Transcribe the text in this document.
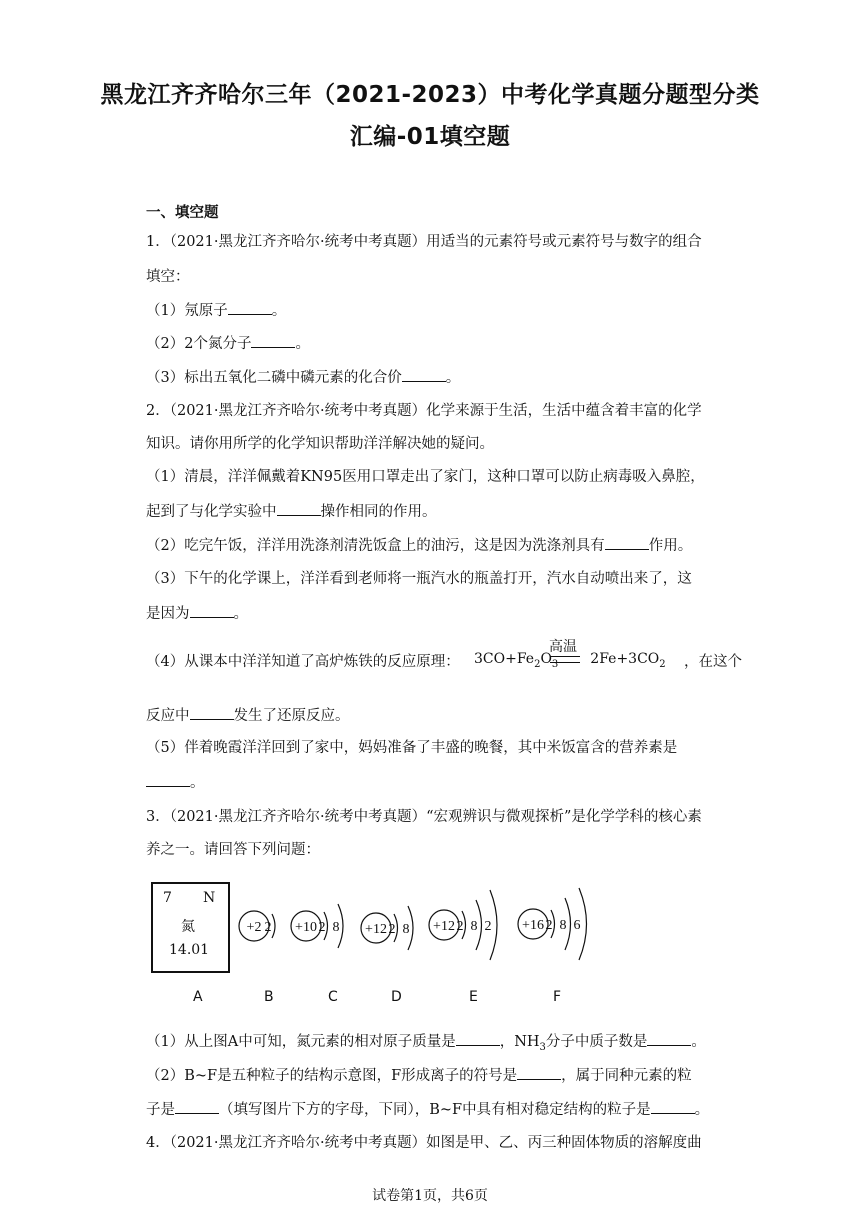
黑龙江齐齐哈尔三年（2021-2023）中考化学真题分题型分类
汇编-01填空题
一、填空题
1．（2021·黑龙江齐齐哈尔·统考中考真题）用适当的元素符号或元素符号与数字的组合
填空：
（1）氖原子	。
（2）2个氮分子	。
（3）标出五氧化二磷中磷元素的化合价	。
2．（2021·黑龙江齐齐哈尔·统考中考真题）化学来源于生活，生活中蕴含着丰富的化学
知识。请你用所学的化学知识帮助洋洋解决她的疑问。
（1）清晨，洋洋佩戴着KN95医用口罩走出了家门，这种口罩可以防止病毒吸入鼻腔，
起到了与化学实验中	操作相同的作用。
（2）吃完午饭，洋洋用洗涤剂清洗饭盒上的油污，这是因为洗涤剂具有	作用。
（3）下午的化学课上，洋洋看到老师将一瓶汽水的瓶盖打开，汽水自动喷出来了，这
是因为	。
（4）从课本中洋洋知道了高炉炼铁的反应原理：
高温
$3CO+Fe_2O_3$ $2Fe+3CO_2$ ，在这个
反应中	发生了还原反应。
（5）伴着晚霞洋洋回到了家中，妈妈准备了丰盛的晚餐，其中米饭富含的营养素是
。
3．（2021·黑龙江齐齐哈尔·统考中考真题）“宏观辨识与微观探析”是化学学科的核心素
养之一。请回答下列问题：
7 N
氮
14.01
+2 2 +10 2 8 +12 2 8 +12 2 8 2 +16 2 8 6
A	B	C	D	E	F
（1）从上图A中可知，氮元素的相对原子质量是	，$NH_3$分子中质子数是	。
（2）B~F是五种粒子的结构示意图，F形成离子的符号是	，属于同种元素的粒
子是	（填写图片下方的字母，下同），B~F中具有相对稳定结构的粒子是	。
4．（2021·黑龙江齐齐哈尔·统考中考真题）如图是甲、乙、丙三种固体物质的溶解度曲
试卷第1页，共6页
